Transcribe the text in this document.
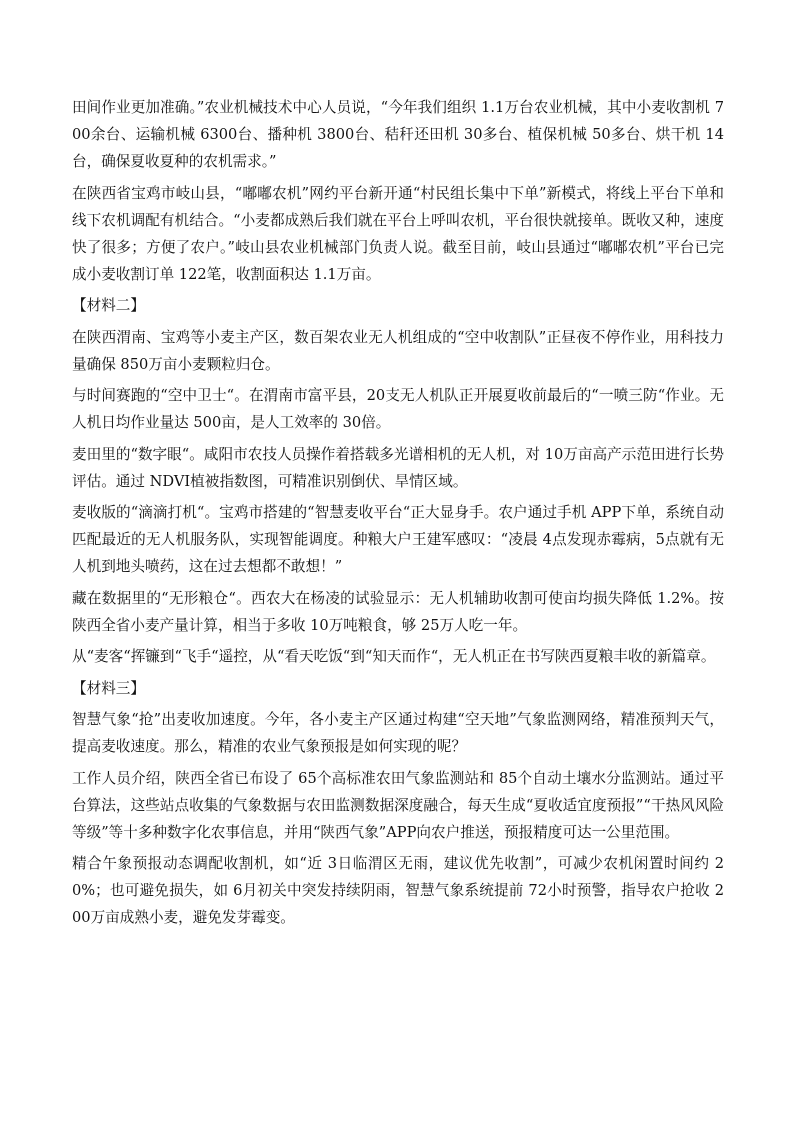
田间作业更加准确。”农业机械技术中心人员说，“今年我们组织 1.1万台农业机械，其中小麦收割机 700余台、运输机械 6300台、播种机 3800台、秸秆还田机 30多台、植保机械 50多台、烘干机 14台，确保夏收夏种的农机需求。”

在陕西省宝鸡市岐山县，“嘟嘟农机”网约平台新开通“村民组长集中下单”新模式，将线上平台下单和线下农机调配有机结合。“小麦都成熟后我们就在平台上呼叫农机，平台很快就接单。既收又种，速度快了很多；方便了农户。”岐山县农业机械部门负责人说。截至目前，岐山县通过“嘟嘟农机”平台已完成小麦收割订单 122笔，收割面积达 1.1万亩。

【材料二】

在陕西渭南、宝鸡等小麦主产区，数百架农业无人机组成的“空中收割队”正昼夜不停作业，用科技力量确保 850万亩小麦颗粒归仓。

与时间赛跑的“空中卫士“。在渭南市富平县，20支无人机队正开展夏收前最后的“一喷三防“作业。无人机日均作业量达 500亩，是人工效率的 30倍。

麦田里的“数字眼“。咸阳市农技人员操作着搭载多光谱相机的无人机，对 10万亩高产示范田进行长势评估。通过 NDVI植被指数图，可精准识别倒伏、旱情区域。

麦收版的“滴滴打机“。宝鸡市搭建的“智慧麦收平台“正大显身手。农户通过手机 APP下单，系统自动匹配最近的无人机服务队，实现智能调度。种粮大户王建军感叹：“凌晨 4点发现赤霉病，5点就有无人机到地头喷药，这在过去想都不敢想！”

藏在数据里的“无形粮仓“。西农大在杨凌的试验显示：无人机辅助收割可使亩均损失降低 1.2%。按陕西全省小麦产量计算，相当于多收 10万吨粮食，够 25万人吃一年。

从“麦客“挥镰到“飞手“遥控，从“看天吃饭“到“知天而作“，无人机正在书写陕西夏粮丰收的新篇章。

【材料三】

智慧气象“抢”出麦收加速度。今年，各小麦主产区通过构建“空天地”气象监测网络，精准预判天气，提高麦收速度。那么，精准的农业气象预报是如何实现的呢？

工作人员介绍，陕西全省已布设了 65个高标准农田气象监测站和 85个自动土壤水分监测站。通过平台算法，这些站点收集的气象数据与农田监测数据深度融合，每天生成“夏收适宜度预报”“干热风风险等级”等十多种数字化农事信息，并用“陕西气象”APP向农户推送，预报精度可达一公里范围。

精合午象预报动态调配收割机，如“近 3日临渭区无雨，建议优先收割”，可减少农机闲置时间约 20%；也可避免损失，如 6月初关中突发持续阴雨，智慧气象系统提前 72小时预警，指导农户抢收 200万亩成熟小麦，避免发芽霉变。
